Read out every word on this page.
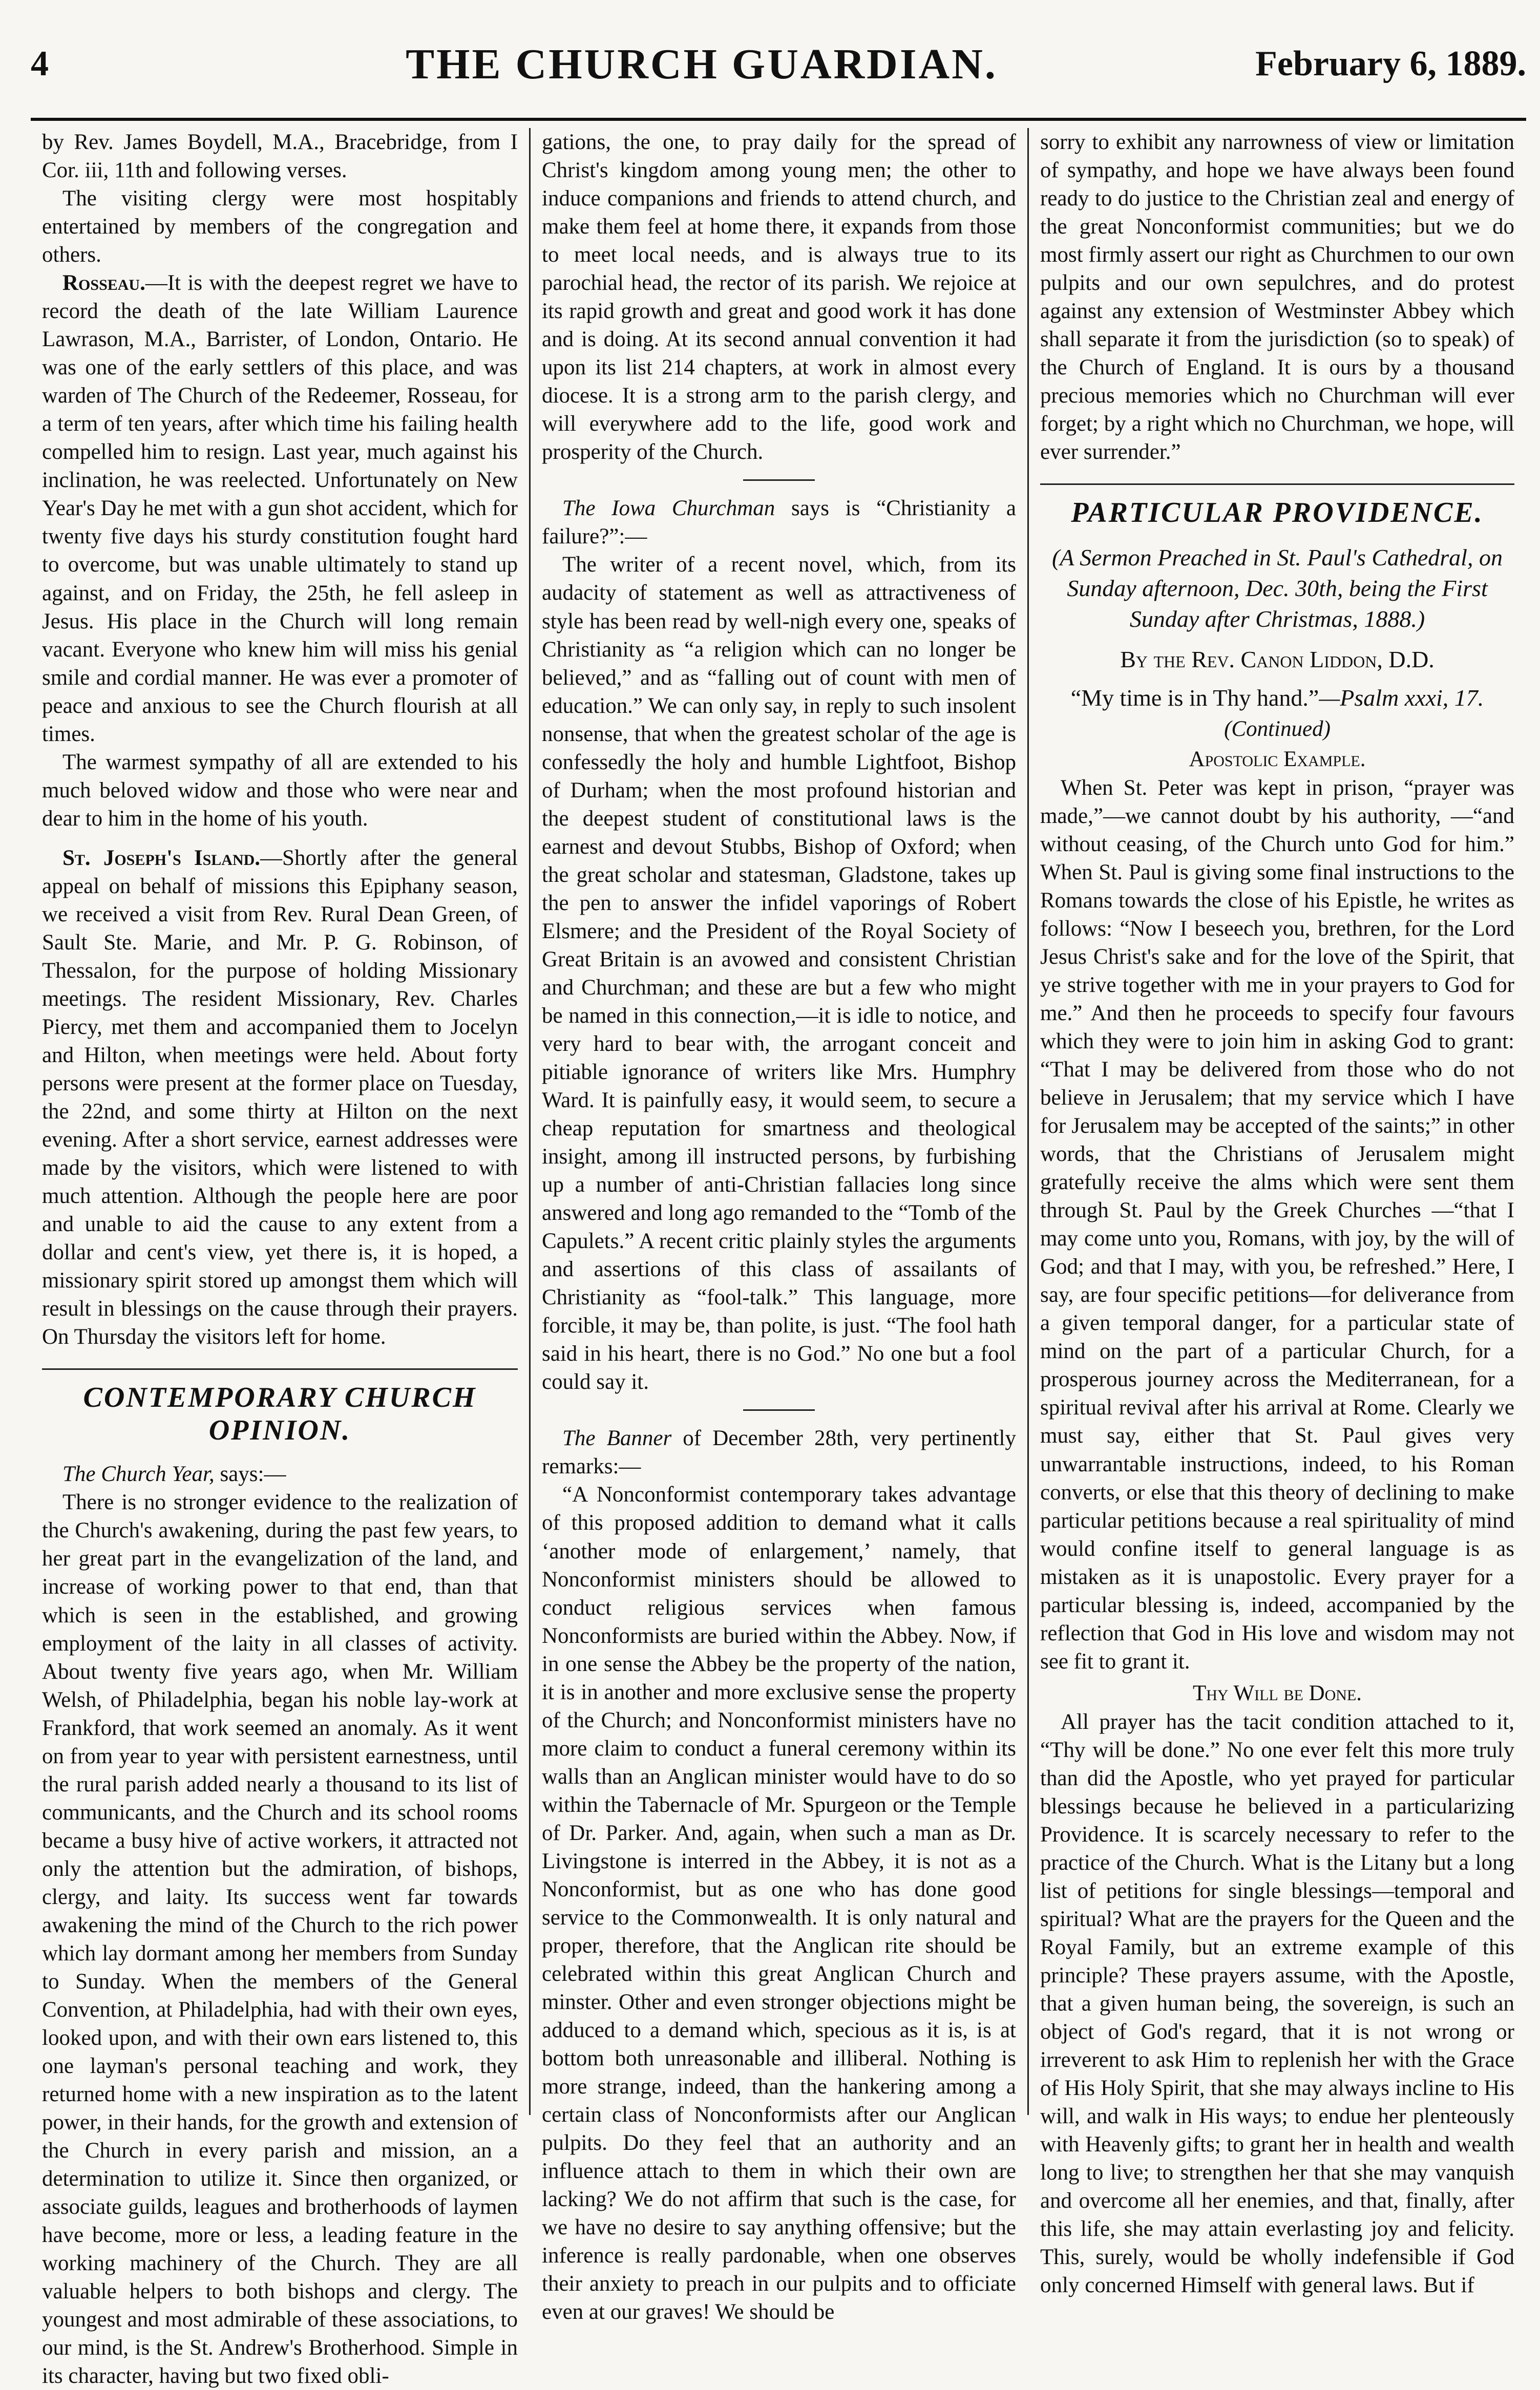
4	THE CHURCH GUARDIAN.	February 6, 1889.

by Rev. James Boydell, M.A., Bracebridge, from I Cor. iii, 11th and following verses.

The visiting clergy were most hospitably entertained by members of the congregation and others.

Rosseau.—It is with the deepest regret we have to record the death of the late William Laurence Lawrason, M.A., Barrister, of London, Ontario. He was one of the early settlers of this place, and was warden of The Church of the Redeemer, Rosseau, for a term of ten years, after which time his failing health compelled him to resign. Last year, much against his inclination, he was reelected. Unfortunately on New Year's Day he met with a gun shot accident, which for twenty five days his sturdy constitution fought hard to overcome, but was unable ultimately to stand up against, and on Friday, the 25th, he fell asleep in Jesus. His place in the Church will long remain vacant. Everyone who knew him will miss his genial smile and cordial manner. He was ever a promoter of peace and anxious to see the Church flourish at all times.

The warmest sympathy of all are extended to his much beloved widow and those who were near and dear to him in the home of his youth.

St. Joseph's Island.—Shortly after the general appeal on behalf of missions this Epiphany season, we received a visit from Rev. Rural Dean Green, of Sault Ste. Marie, and Mr. P. G. Robinson, of Thessalon, for the purpose of holding Missionary meetings. The resident Missionary, Rev. Charles Piercy, met them and accompanied them to Jocelyn and Hilton, when meetings were held. About forty persons were present at the former place on Tuesday, the 22nd, and some thirty at Hilton on the next evening. After a short service, earnest addresses were made by the visitors, which were listened to with much attention. Although the people here are poor and unable to aid the cause to any extent from a dollar and cent's view, yet there is, it is hoped, a missionary spirit stored up amongst them which will result in blessings on the cause through their prayers. On Thursday the visitors left for home.

CONTEMPORARY CHURCH OPINION.

The Church Year, says:—

There is no stronger evidence to the realization of the Church's awakening, during the past few years, to her great part in the evangelization of the land, and increase of working power to that end, than that which is seen in the established, and growing employment of the laity in all classes of activity. About twenty five years ago, when Mr. William Welsh, of Philadelphia, began his noble lay-work at Frankford, that work seemed an anomaly. As it went on from year to year with persistent earnestness, until the rural parish added nearly a thousand to its list of communicants, and the Church and its school rooms became a busy hive of active workers, it attracted not only the attention but the admiration, of bishops, clergy, and laity. Its success went far towards awakening the mind of the Church to the rich power which lay dormant among her members from Sunday to Sunday. When the members of the General Convention, at Philadelphia, had with their own eyes, looked upon, and with their own ears listened to, this one layman's personal teaching and work, they returned home with a new inspiration as to the latent power, in their hands, for the growth and extension of the Church in every parish and mission, an a determination to utilize it. Since then organized, or associate guilds, leagues and brotherhoods of laymen have become, more or less, a leading feature in the working machinery of the Church. They are all valuable helpers to both bishops and clergy. The youngest and most admirable of these associations, to our mind, is the St. Andrew's Brotherhood. Simple in its character, having but two fixed obli-

gations, the one, to pray daily for the spread of Christ's kingdom among young men; the other to induce companions and friends to attend church, and make them feel at home there, it expands from those to meet local needs, and is always true to its parochial head, the rector of its parish. We rejoice at its rapid growth and great and good work it has done and is doing. At its second annual convention it had upon its list 214 chapters, at work in almost every diocese. It is a strong arm to the parish clergy, and will everywhere add to the life, good work and prosperity of the Church.

The Iowa Churchman says is “Christianity a failure?”:—

The writer of a recent novel, which, from its audacity of statement as well as attractiveness of style has been read by well-nigh every one, speaks of Christianity as “a religion which can no longer be believed,” and as “falling out of count with men of education.” We can only say, in reply to such insolent nonsense, that when the greatest scholar of the age is confessedly the holy and humble Lightfoot, Bishop of Durham; when the most profound historian and the deepest student of constitutional laws is the earnest and devout Stubbs, Bishop of Oxford; when the great scholar and statesman, Gladstone, takes up the pen to answer the infidel vaporings of Robert Elsmere; and the President of the Royal Society of Great Britain is an avowed and consistent Christian and Churchman; and these are but a few who might be named in this connection,—it is idle to notice, and very hard to bear with, the arrogant conceit and pitiable ignorance of writers like Mrs. Humphry Ward. It is painfully easy, it would seem, to secure a cheap reputation for smartness and theological insight, among ill instructed persons, by furbishing up a number of anti-Christian fallacies long since answered and long ago remanded to the “Tomb of the Capulets.” A recent critic plainly styles the arguments and assertions of this class of assailants of Christianity as “fool-talk.” This language, more forcible, it may be, than polite, is just. “The fool hath said in his heart, there is no God.” No one but a fool could say it.

The Banner of December 28th, very pertinently remarks:—

“A Nonconformist contemporary takes advantage of this proposed addition to demand what it calls ‘another mode of enlargement,’ namely, that Nonconformist ministers should be allowed to conduct religious services when famous Nonconformists are buried within the Abbey. Now, if in one sense the Abbey be the property of the nation, it is in another and more exclusive sense the property of the Church; and Nonconformist ministers have no more claim to conduct a funeral ceremony within its walls than an Anglican minister would have to do so within the Tabernacle of Mr. Spurgeon or the Temple of Dr. Parker. And, again, when such a man as Dr. Livingstone is interred in the Abbey, it is not as a Nonconformist, but as one who has done good service to the Commonwealth. It is only natural and proper, therefore, that the Anglican rite should be celebrated within this great Anglican Church and minster. Other and even stronger objections might be adduced to a demand which, specious as it is, is at bottom both unreasonable and illiberal. Nothing is more strange, indeed, than the hankering among a certain class of Nonconformists after our Anglican pulpits. Do they feel that an authority and an influence attach to them in which their own are lacking? We do not affirm that such is the case, for we have no desire to say anything offensive; but the inference is really pardonable, when one observes their anxiety to preach in our pulpits and to officiate even at our graves! We should be

sorry to exhibit any narrowness of view or limitation of sympathy, and hope we have always been found ready to do justice to the Christian zeal and energy of the great Nonconformist communities; but we do most firmly assert our right as Churchmen to our own pulpits and our own sepulchres, and do protest against any extension of Westminster Abbey which shall separate it from the jurisdiction (so to speak) of the Church of England. It is ours by a thousand precious memories which no Churchman will ever forget; by a right which no Churchman, we hope, will ever surrender.”

PARTICULAR PROVIDENCE.
(A Sermon Preached in St. Paul's Cathedral, on Sunday afternoon, Dec. 30th, being the First Sunday after Christmas, 1888.)
By the Rev. Canon Liddon, D.D.
“My time is in Thy hand.”—Psalm xxxi, 17.
(Continued)
Apostolic Example.

When St. Peter was kept in prison, “prayer was made,”—we cannot doubt by his authority, —“and without ceasing, of the Church unto God for him.” When St. Paul is giving some final instructions to the Romans towards the close of his Epistle, he writes as follows: “Now I beseech you, brethren, for the Lord Jesus Christ's sake and for the love of the Spirit, that ye strive together with me in your prayers to God for me.” And then he proceeds to specify four favours which they were to join him in asking God to grant: “That I may be delivered from those who do not believe in Jerusalem; that my service which I have for Jerusalem may be accepted of the saints;” in other words, that the Christians of Jerusalem might gratefully receive the alms which were sent them through St. Paul by the Greek Churches —“that I may come unto you, Romans, with joy, by the will of God; and that I may, with you, be refreshed.” Here, I say, are four specific petitions—for deliverance from a given temporal danger, for a particular state of mind on the part of a particular Church, for a prosperous journey across the Mediterranean, for a spiritual revival after his arrival at Rome. Clearly we must say, either that St. Paul gives very unwarrantable instructions, indeed, to his Roman converts, or else that this theory of declining to make particular petitions because a real spirituality of mind would confine itself to general language is as mistaken as it is unapostolic. Every prayer for a particular blessing is, indeed, accompanied by the reflection that God in His love and wisdom may not see fit to grant it.

Thy Will be Done.

All prayer has the tacit condition attached to it, “Thy will be done.” No one ever felt this more truly than did the Apostle, who yet prayed for particular blessings because he believed in a particularizing Providence. It is scarcely necessary to refer to the practice of the Church. What is the Litany but a long list of petitions for single blessings—temporal and spiritual? What are the prayers for the Queen and the Royal Family, but an extreme example of this principle? These prayers assume, with the Apostle, that a given human being, the sovereign, is such an object of God's regard, that it is not wrong or irreverent to ask Him to replenish her with the Grace of His Holy Spirit, that she may always incline to His will, and walk in His ways; to endue her plenteously with Heavenly gifts; to grant her in health and wealth long to live; to strengthen her that she may vanquish and overcome all her enemies, and that, finally, after this life, she may attain everlasting joy and felicity. This, surely, would be wholly indefensible if God only concerned Himself with general laws. But if
